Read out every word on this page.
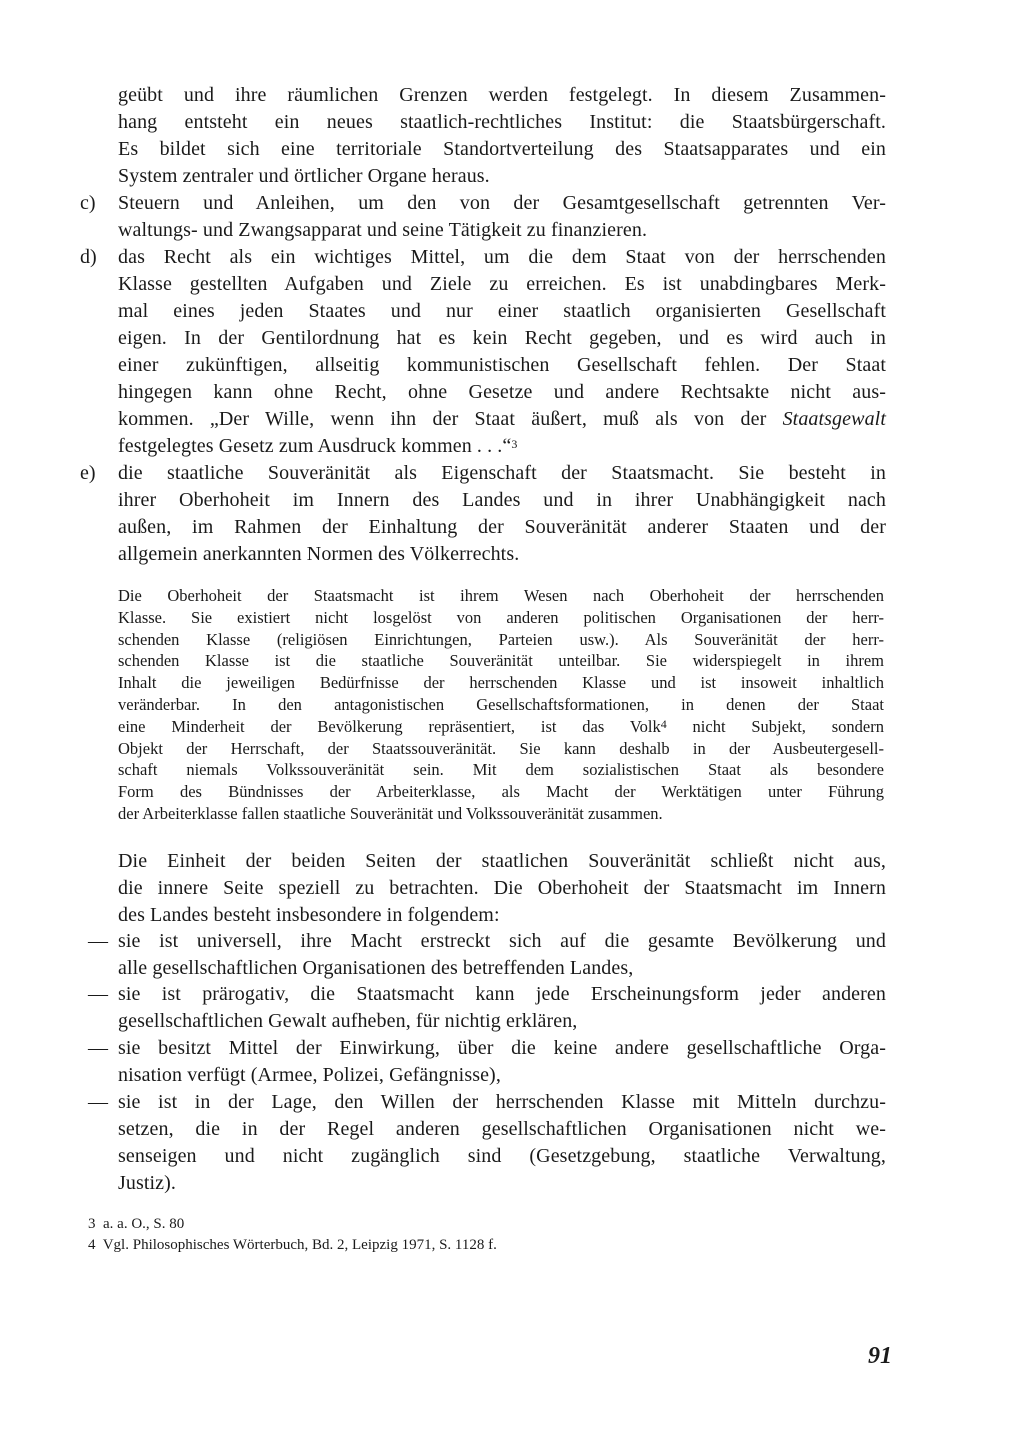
geübt und ihre räumlichen Grenzen werden festgelegt. In diesem Zusammen-
hang entsteht ein neues staatlich-rechtliches Institut: die Staatsbürgerschaft.
Es bildet sich eine territoriale Standortverteilung des Staatsapparates und ein
System zentraler und örtlicher Organe heraus.
c) Steuern und Anleihen, um den von der Gesamtgesellschaft getrennten Ver-
waltungs- und Zwangsapparat und seine Tätigkeit zu finanzieren.
d) das Recht als ein wichtiges Mittel, um die dem Staat von der herrschenden
Klasse gestellten Aufgaben und Ziele zu erreichen. Es ist unabdingbares Merk-
mal eines jeden Staates und nur einer staatlich organisierten Gesellschaft
eigen. In der Gentilordnung hat es kein Recht gegeben, und es wird auch in
einer zukünftigen, allseitig kommunistischen Gesellschaft fehlen. Der Staat
hingegen kann ohne Recht, ohne Gesetze und andere Rechtsakte nicht aus-
kommen. „Der Wille, wenn ihn der Staat äußert, muß als von der Staatsgewalt
festgelegtes Gesetz zum Ausdruck kommen . . .“$^3$
e) die staatliche Souveränität als Eigenschaft der Staatsmacht. Sie besteht in
ihrer Oberhoheit im Innern des Landes und in ihrer Unabhängigkeit nach
außen, im Rahmen der Einhaltung der Souveränität anderer Staaten und der
allgemein anerkannten Normen des Völkerrechts.
Die Oberhoheit der Staatsmacht ist ihrem Wesen nach Oberhoheit der herrschenden
Klasse. Sie existiert nicht losgelöst von anderen politischen Organisationen der herr-
schenden Klasse (religiösen Einrichtungen, Parteien usw.). Als Souveränität der herr-
schenden Klasse ist die staatliche Souveränität unteilbar. Sie widerspiegelt in ihrem
Inhalt die jeweiligen Bedürfnisse der herrschenden Klasse und ist insoweit inhaltlich
veränderbar. In den antagonistischen Gesellschaftsformationen, in denen der Staat
eine Minderheit der Bevölkerung repräsentiert, ist das Volk$^4$ nicht Subjekt, sondern
Objekt der Herrschaft, der Staatssouveränität. Sie kann deshalb in der Ausbeutergesell-
schaft niemals Volkssouveränität sein. Mit dem sozialistischen Staat als besondere
Form des Bündnisses der Arbeiterklasse, als Macht der Werktätigen unter Führung
der Arbeiterklasse fallen staatliche Souveränität und Volkssouveränität zusammen.
Die Einheit der beiden Seiten der staatlichen Souveränität schließt nicht aus,
die innere Seite speziell zu betrachten. Die Oberhoheit der Staatsmacht im Innern
des Landes besteht insbesondere in folgendem:
— sie ist universell, ihre Macht erstreckt sich auf die gesamte Bevölkerung und
alle gesellschaftlichen Organisationen des betreffenden Landes,
— sie ist prärogativ, die Staatsmacht kann jede Erscheinungsform jeder anderen
gesellschaftlichen Gewalt aufheben, für nichtig erklären,
— sie besitzt Mittel der Einwirkung, über die keine andere gesellschaftliche Orga-
nisation verfügt (Armee, Polizei, Gefängnisse),
— sie ist in der Lage, den Willen der herrschenden Klasse mit Mitteln durchzu-
setzen, die in der Regel anderen gesellschaftlichen Organisationen nicht we-
senseigen und nicht zugänglich sind (Gesetzgebung, staatliche Verwaltung,
Justiz).
3  a. a. O., S. 80
4  Vgl. Philosophisches Wörterbuch, Bd. 2, Leipzig 1971, S. 1128 f.
91
